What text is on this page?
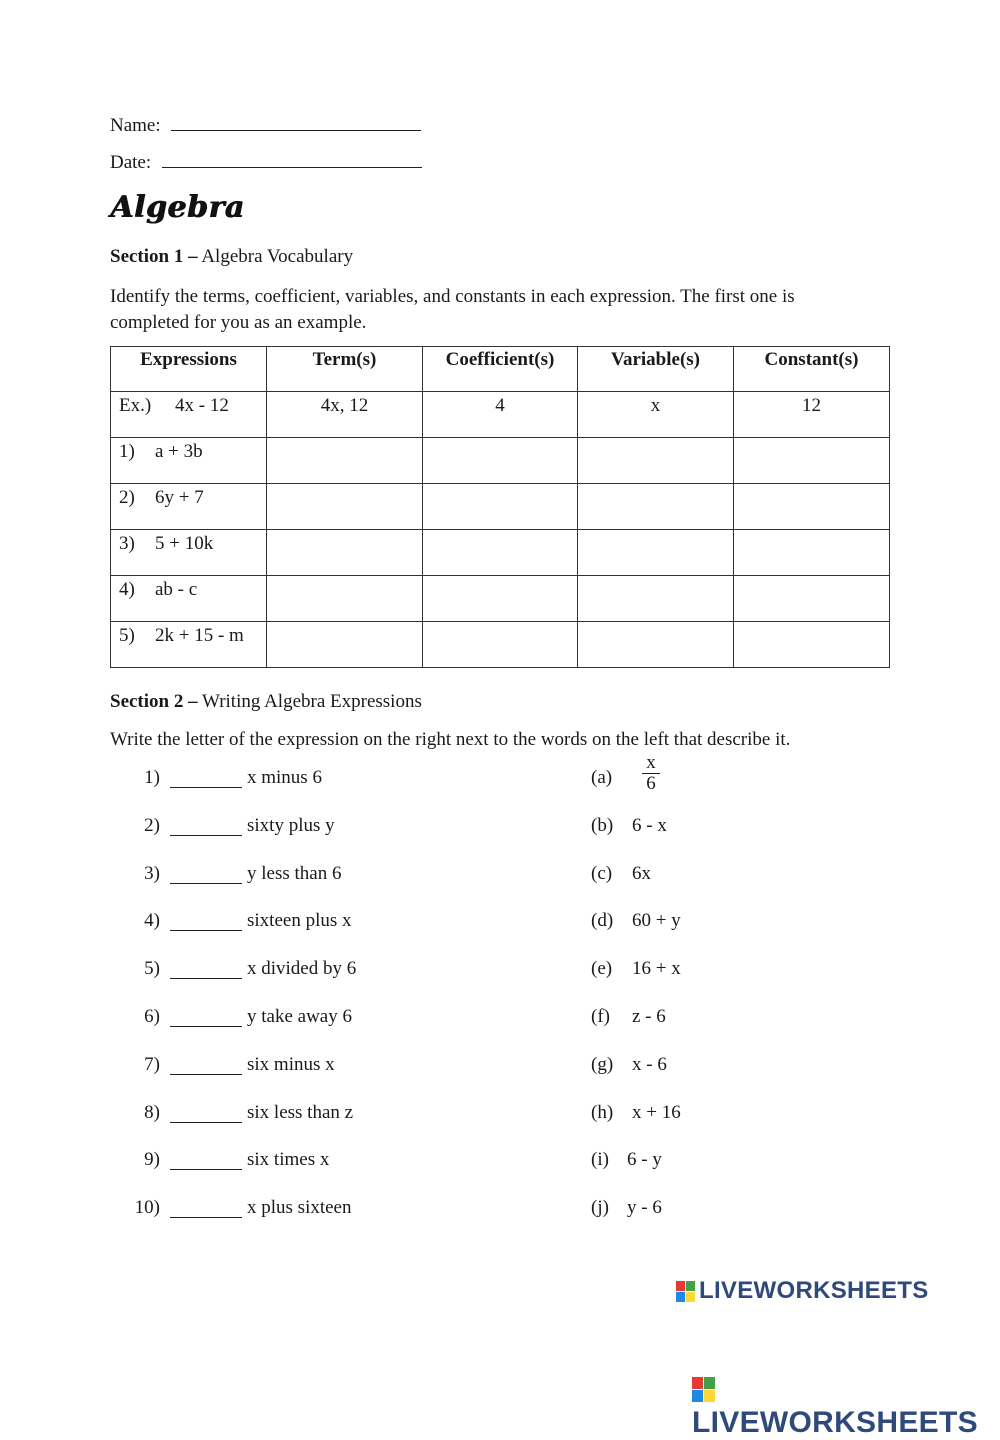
Name:
Date:
Algebra
Section 1 – Algebra Vocabulary
Identify the terms, coefficient, variables, and constants in each expression. The first one is
completed for you as an example.
Expressions	Term(s)	Coefficient(s)	Variable(s)	Constant(s)
Ex.) 4x - 12	4x, 12	4	x	12
1) a + 3b				
2) 6y + 7				
3) 5 + 10k				
4) ab - c				
5) 2k + 15 - m				
Section 2 – Writing Algebra Expressions
Write the letter of the expression on the right next to the words on the left that describe it.
1)	x minus 6	(a)
x
6
2)	sixty plus y	(b) 6 - x
3)	y less than 6	(c) 6x
4)	sixteen plus x	(d) 60 + y
5)	x divided by 6	(e) 16 + x
6)	y take away 6	(f) z - 6
7)	six minus x	(g) x - 6
8)	six less than z	(h) x + 16
9)	six times x	(i) 6 - y
10)	x plus sixteen	(j) y - 6
LIVEWORKSHEETS
LIVEWORKSHEETS
